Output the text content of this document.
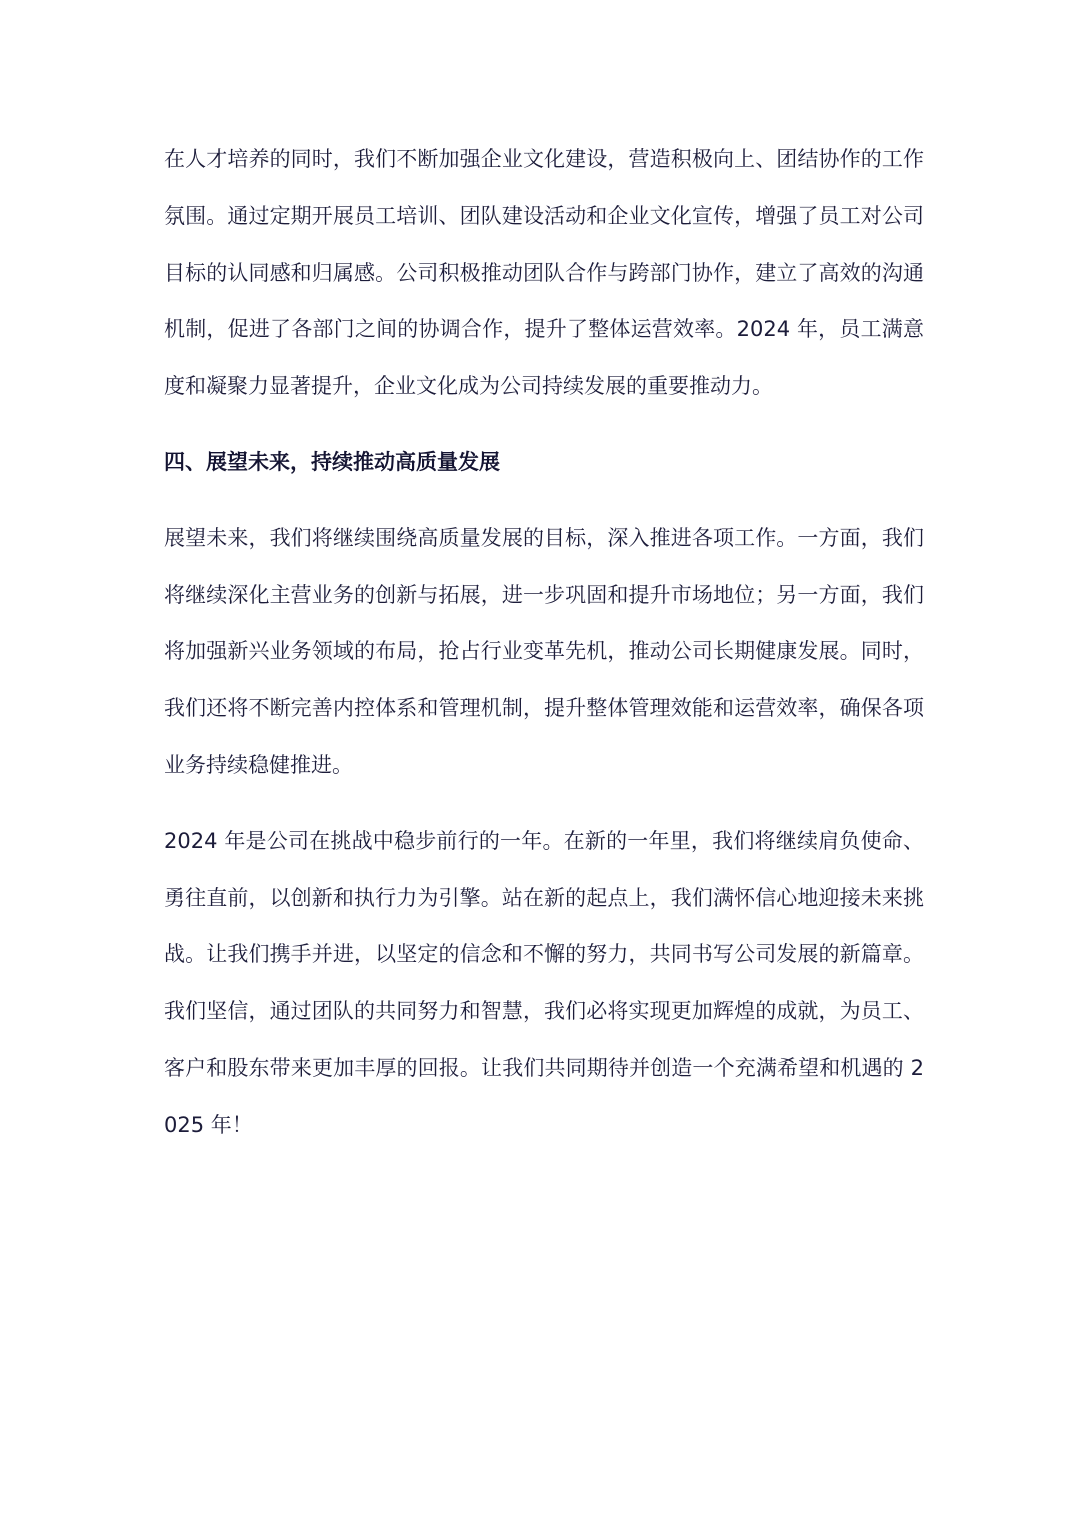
在人才培养的同时，我们不断加强企业文化建设，营造积极向上、团结协作的工作氛围。通过定期开展员工培训、团队建设活动和企业文化宣传，增强了员工对公司目标的认同感和归属感。公司积极推动团队合作与跨部门协作，建立了高效的沟通机制，促进了各部门之间的协调合作，提升了整体运营效率。2024 年，员工满意度和凝聚力显著提升，企业文化成为公司持续发展的重要推动力。

四、展望未来，持续推动高质量发展

展望未来，我们将继续围绕高质量发展的目标，深入推进各项工作。一方面，我们将继续深化主营业务的创新与拓展，进一步巩固和提升市场地位；另一方面，我们将加强新兴业务领域的布局，抢占行业变革先机，推动公司长期健康发展。同时，我们还将不断完善内控体系和管理机制，提升整体管理效能和运营效率，确保各项业务持续稳健推进。

2024 年是公司在挑战中稳步前行的一年。在新的一年里，我们将继续肩负使命、勇往直前，以创新和执行力为引擎。站在新的起点上，我们满怀信心地迎接未来挑战。让我们携手并进，以坚定的信念和不懈的努力，共同书写公司发展的新篇章。我们坚信，通过团队的共同努力和智慧，我们必将实现更加辉煌的成就，为员工、客户和股东带来更加丰厚的回报。让我们共同期待并创造一个充满希望和机遇的 2025 年！
